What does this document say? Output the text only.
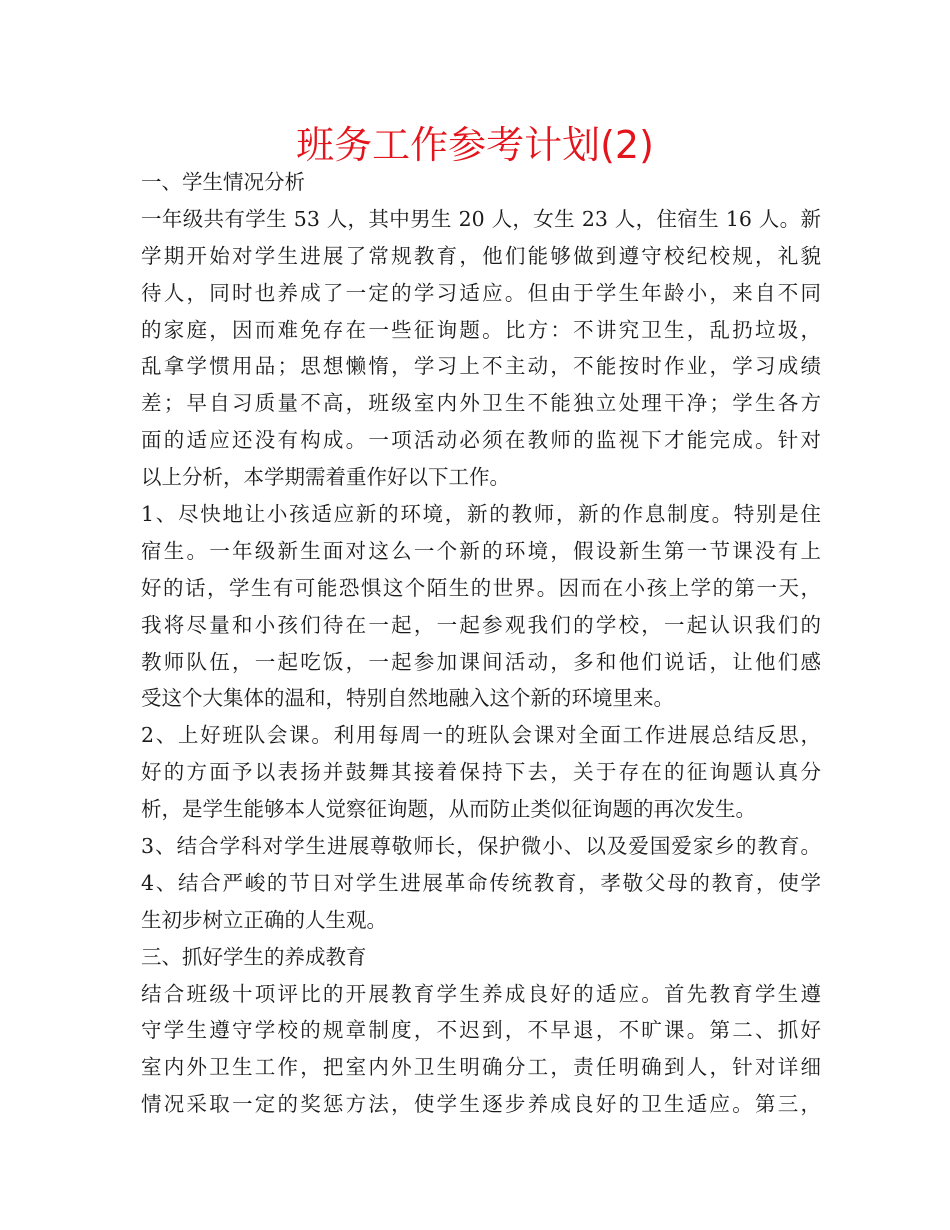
班务工作参考计划(2)
一、学生情况分析
一年级共有学生 53 人，其中男生 20 人，女生 23 人，住宿生 16 人。新
学期开始对学生进展了常规教育，他们能够做到遵守校纪校规，礼貌
待人，同时也养成了一定的学习适应。但由于学生年龄小，来自不同
的家庭，因而难免存在一些征询题。比方：不讲究卫生，乱扔垃圾，
乱拿学惯用品；思想懒惰，学习上不主动，不能按时作业，学习成绩
差；早自习质量不高，班级室内外卫生不能独立处理干净；学生各方
面的适应还没有构成。一项活动必须在教师的监视下才能完成。针对
以上分析，本学期需着重作好以下工作。
1、尽快地让小孩适应新的环境，新的教师，新的作息制度。特别是住
宿生。一年级新生面对这么一个新的环境，假设新生第一节课没有上
好的话，学生有可能恐惧这个陌生的世界。因而在小孩上学的第一天，
我将尽量和小孩们待在一起，一起参观我们的学校，一起认识我们的
教师队伍，一起吃饭，一起参加课间活动，多和他们说话，让他们感
受这个大集体的温和，特别自然地融入这个新的环境里来。
2、上好班队会课。利用每周一的班队会课对全面工作进展总结反思，
好的方面予以表扬并鼓舞其接着保持下去，关于存在的征询题认真分
析，是学生能够本人觉察征询题，从而防止类似征询题的再次发生。
3、结合学科对学生进展尊敬师长，保护微小、以及爱国爱家乡的教育。
4、结合严峻的节日对学生进展革命传统教育，孝敬父母的教育，使学
生初步树立正确的人生观。
三、抓好学生的养成教育
结合班级十项评比的开展教育学生养成良好的适应。首先教育学生遵
守学生遵守学校的规章制度，不迟到，不早退，不旷课。第二、抓好
室内外卫生工作，把室内外卫生明确分工，责任明确到人，针对详细
情况采取一定的奖惩方法，使学生逐步养成良好的卫生适应。第三，
